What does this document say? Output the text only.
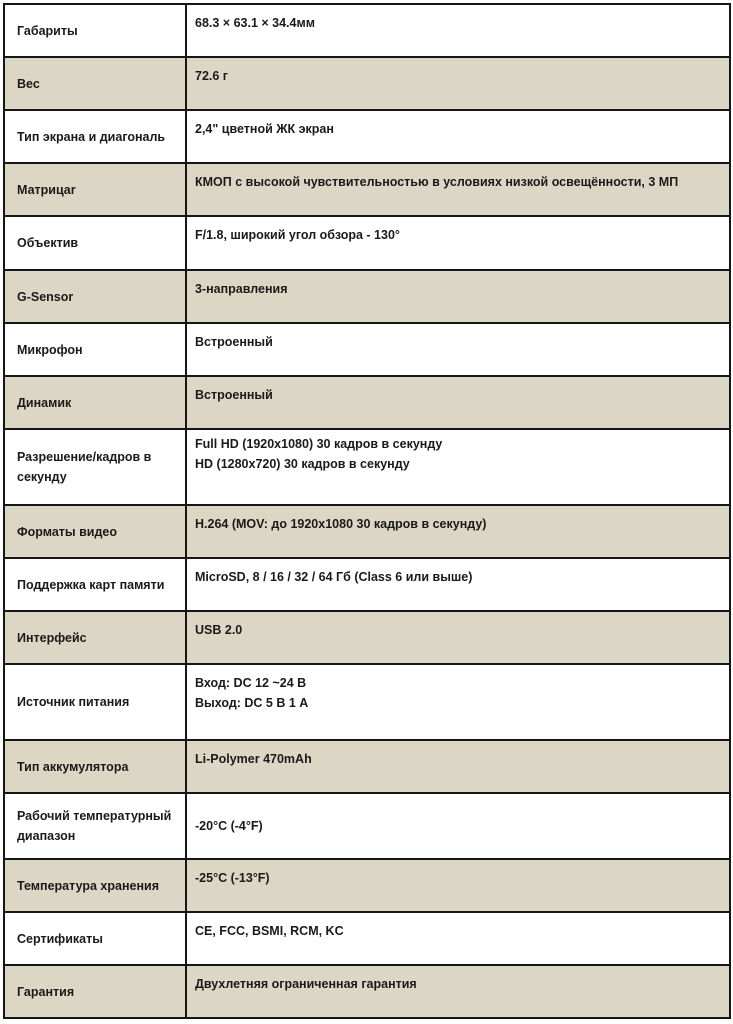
Габариты	68.3 × 63.1 × 34.4мм

Вес	72.6 г

Тип экрана и диагональ	2,4" цветной ЖК экран

Матрицаr	КМОП с высокой чувствительностью в условиях низкой освещённости, 3 МП

Объектив	F/1.8, широкий угол обзора - 130°

G-Sensor	3-направления

Микрофон	Встроенный

Динамик	Встроенный

Разрешение/кадров в секунду	Full HD (1920x1080) 30 кадров в секунду
HD (1280x720) 30 кадров в секунду

Форматы видео	H.264 (MOV: до 1920x1080 30 кадров в секунду)

Поддержка карт памяти	MicroSD, 8 / 16 / 32 / 64 Гб (Class 6 или выше)

Интерфейс	USB 2.0

Источник питания	Вход: DC 12 ~24 В
Выход: DC 5 В 1 А

Тип аккумулятора	Li-Polymer 470mAh

Рабочий температурный диапазон	-20°C (-4°F)

Температура хранения	-25°C (-13°F)

Сертификаты	CE, FCC, BSMI, RCM, KC

Гарантия	Двухлетняя ограниченная гарантия
